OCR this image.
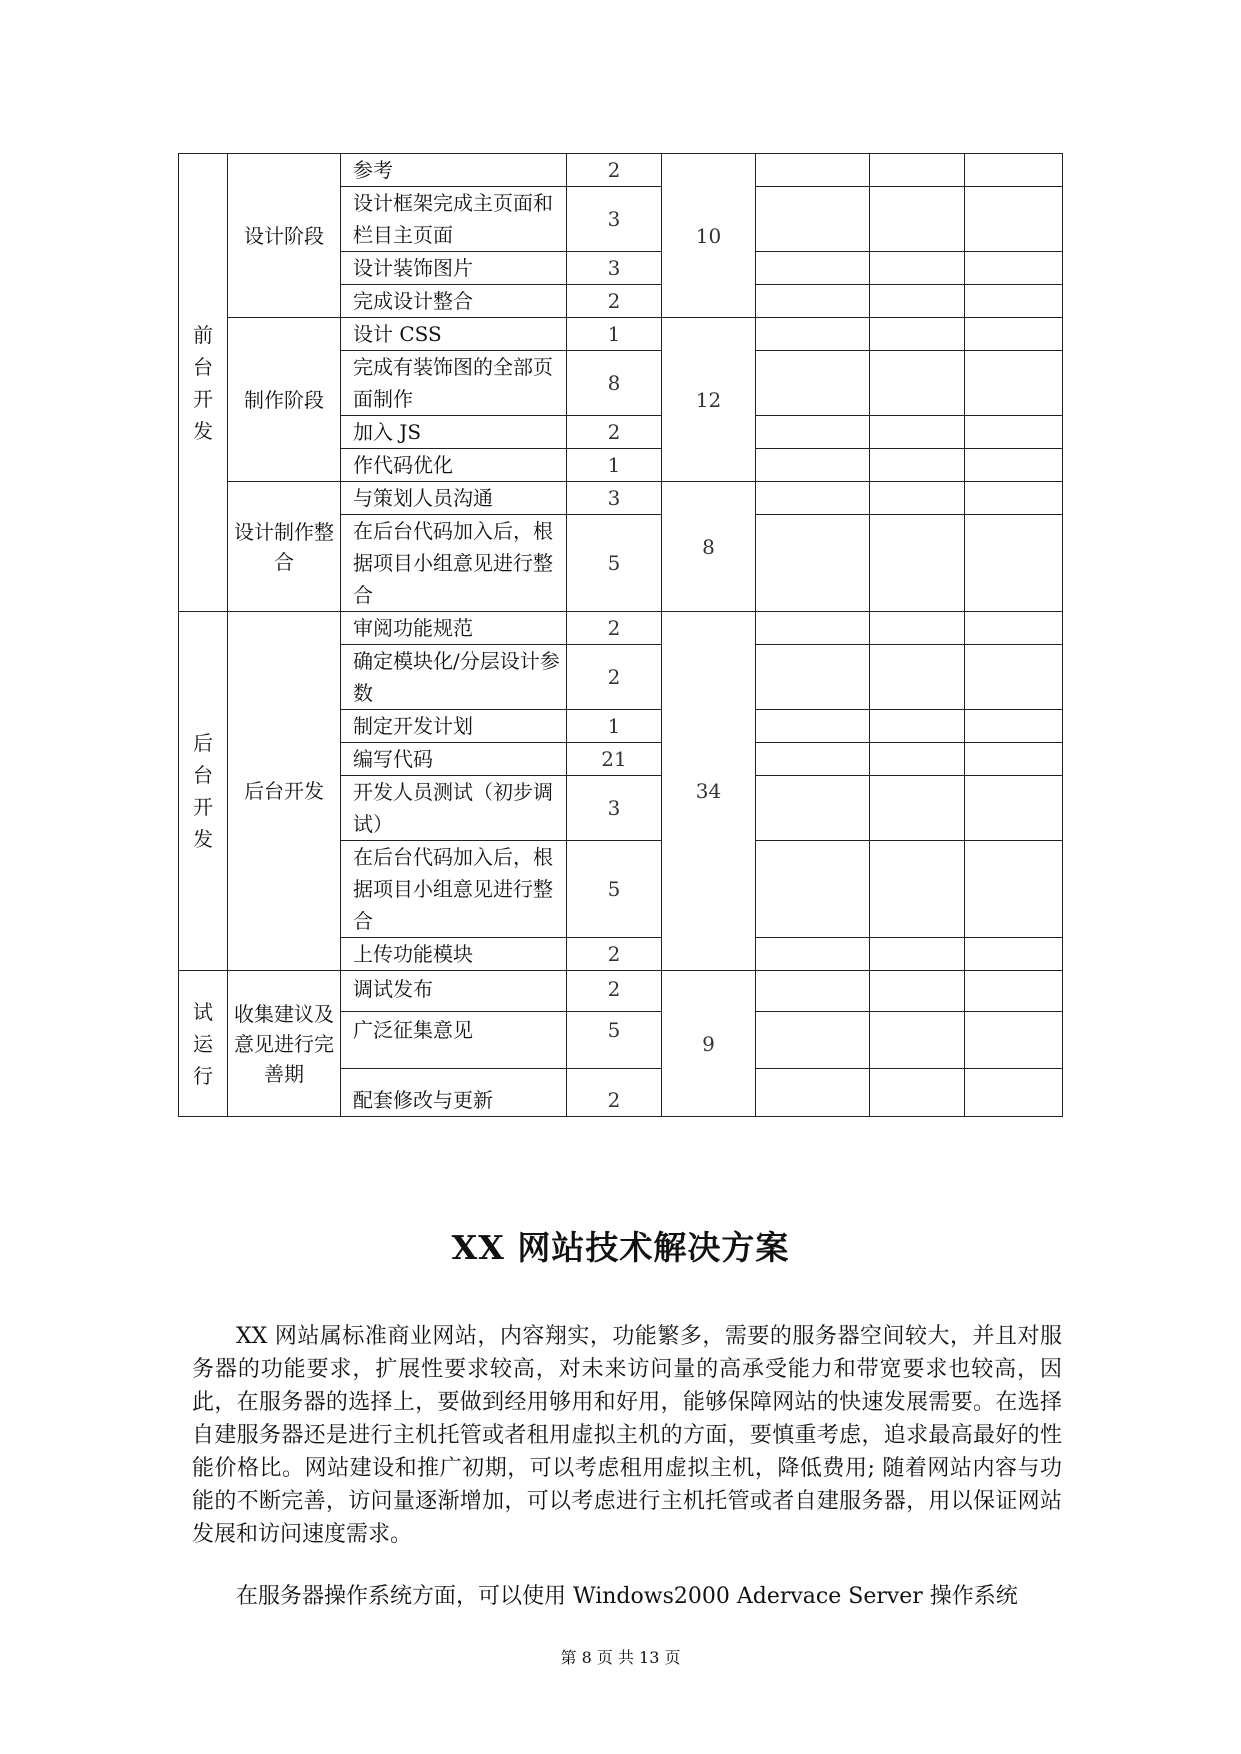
前台开发	设计阶段	参考	2	10			
		设计框架完成主页面和栏目主页面	3				
		设计装饰图片	3				
		完成设计整合	2				
	制作阶段	设计 CSS	1	12			
		完成有装饰图的全部页面制作	8				
		加入 JS	2				
		作代码优化	1				
	设计制作整合	与策划人员沟通	3	8			
		在后台代码加入后，根据项目小组意见进行整合	5				
后台开发	后台开发	审阅功能规范	2	34			
		确定模块化/分层设计参数	2				
		制定开发计划	1				
		编写代码	21				
		开发人员测试（初步调试）	3				
		在后台代码加入后，根据项目小组意见进行整合	5				
		上传功能模块	2				
试运行	收集建议及意见进行完善期	调试发布	2	9			
		广泛征集意见	5				
		配套修改与更新	2				
XX 网站技术解决方案

XX 网站属标准商业网站，内容翔实，功能繁多，需要的服务器空间较大，并且对服务器的功能要求，扩展性要求较高，对未来访问量的高承受能力和带宽要求也较高，因此，在服务器的选择上，要做到经用够用和好用，能够保障网站的快速发展需要。在选择自建服务器还是进行主机托管或者租用虚拟主机的方面，要慎重考虑，追求最高最好的性能价格比。网站建设和推广初期，可以考虑租用虚拟主机，降低费用; 随着网站内容与功能的不断完善，访问量逐渐增加，可以考虑进行主机托管或者自建服务器，用以保证网站发展和访问速度需求。

在服务器操作系统方面，可以使用 Windows2000 Adervace Server 操作系统

第 8 页 共 13 页
